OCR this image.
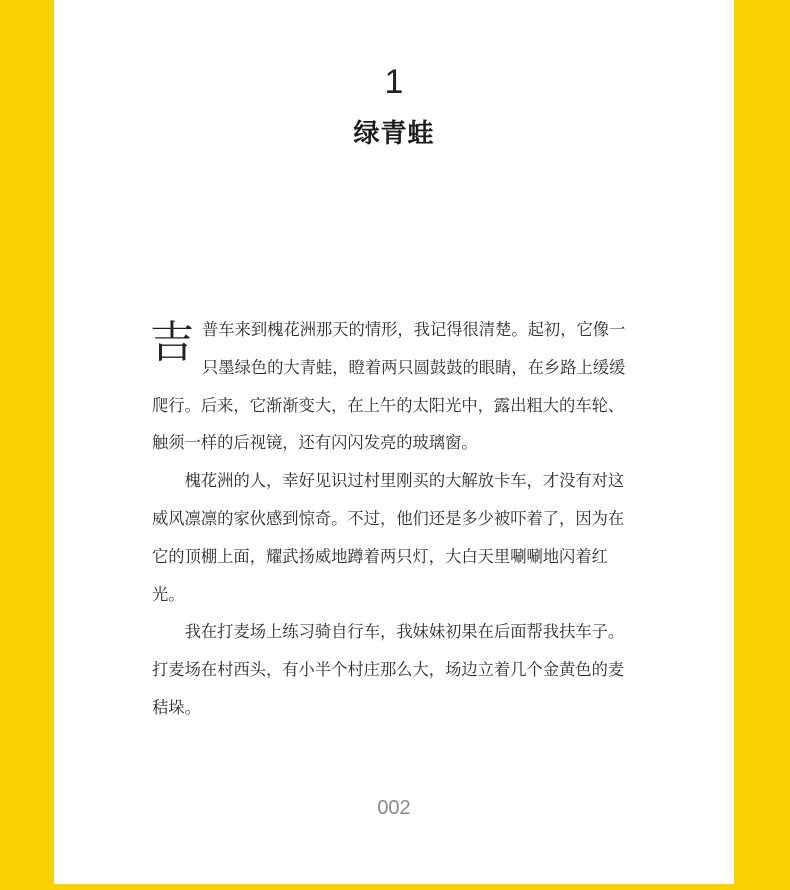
1
绿青蛙

吉普车来到槐花洲那天的情形，我记得很清楚。起初，它像一只墨绿色的大青蛙，瞪着两只圆鼓鼓的眼睛，在乡路上缓缓爬行。后来，它渐渐变大，在上午的太阳光中，露出粗大的车轮、触须一样的后视镜，还有闪闪发亮的玻璃窗。

槐花洲的人，幸好见识过村里刚买的大解放卡车，才没有对这威风凛凛的家伙感到惊奇。不过，他们还是多少被吓着了，因为在它的顶棚上面，耀武扬威地蹲着两只灯，大白天里唰唰地闪着红光。

我在打麦场上练习骑自行车，我妹妹初果在后面帮我扶车子。打麦场在村西头，有小半个村庄那么大，场边立着几个金黄色的麦秸垛。

002
